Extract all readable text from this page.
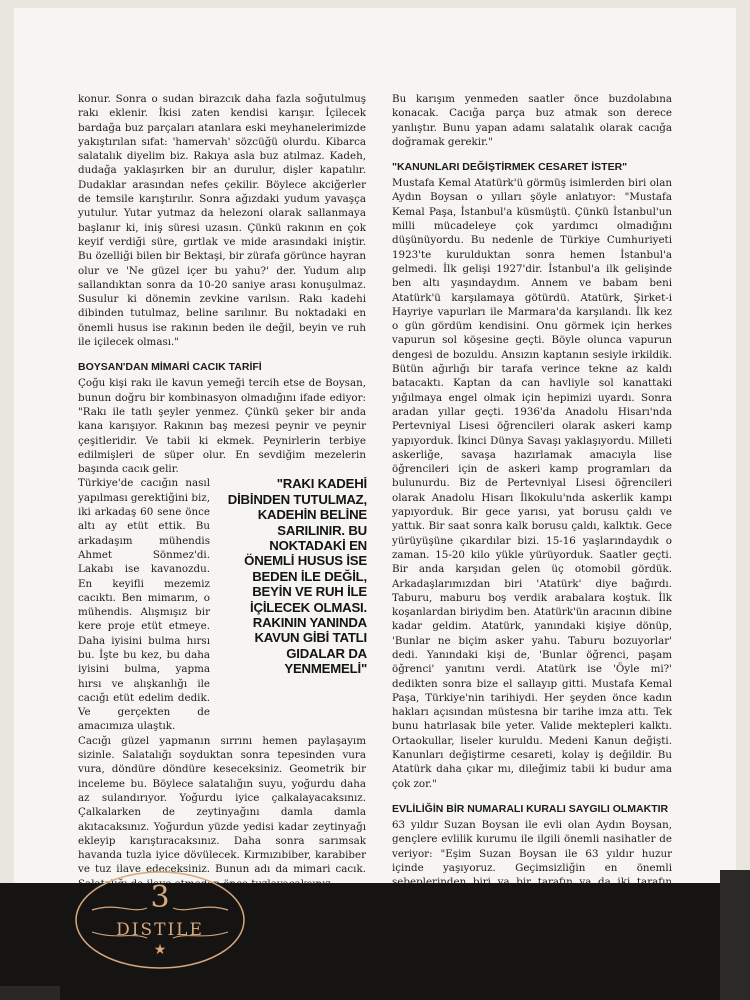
konur. Sonra o sudan birazcık daha fazla soğutulmuş rakı eklenir. İkisi zaten kendisi karışır. İçilecek bardağa buz parçaları atanlara eski meyhanelerimizde yakıştırılan sıfat: 'hamervah' sözcüğü olurdu. Kibarca salatalık diyelim biz. Rakıya asla buz atılmaz. Kadeh, dudağa yaklaşırken bir an durulur, dişler kapatılır. Dudaklar arasından nefes çekilir. Böylece akciğerler de temsile karıştırılır. Sonra ağızdaki yudum yavaşça yutulur. Yutar yutmaz da helezoni olarak sallanmaya başlanır ki, iniş süresi uzasın. Çünkü rakının en çok keyif verdiği süre, gırtlak ve mide arasındaki iniştir. Bu özelliği bilen bir Bektaşi, bir zürafa görünce hayran olur ve 'Ne güzel içer bu yahu?' der. Yudum alıp sallandıktan sonra da 10-20 saniye arası konuşulmaz. Susulur ki dönemin zevkine varılsın. Rakı kadehi dibinden tutulmaz, beline sarılınır. Bu noktadaki en önemli husus ise rakının beden ile değil, beyin ve ruh ile içilecek olması."

BOYSAN'DAN MİMARİ CACIK TARİFİ

Çoğu kişi rakı ile kavun yemeği tercih etse de Boysan, bunun doğru bir kombinasyon olmadığını ifade ediyor: "Rakı ile tatlı şeyler yenmez. Çünkü şeker bir anda kana karışıyor. Rakının baş mezesi peynir ve peynir çeşitleridir. Ve tabii ki ekmek. Peynirlerin terbiye edilmişleri de süper olur. En sevdiğim mezelerin başında cacık gelir.

Türkiye'de cacığın nasıl yapılması gerektiğini biz, iki arkadaş 60 sene önce altı ay etüt ettik. Bu arkadaşım mühendis Ahmet Sönmez'di. Lakabı ise kavanozdu. En keyifli mezemiz cacıktı. Ben mimarım, o mühendis. Alışmışız bir kere proje etüt etmeye. Daha iyisini bulma hırsı bu. İşte bu kez, bu daha iyisini bulma, yapma hırsı ve alışkanlığı ile cacığı etüt edelim dedik. Ve gerçekten de amacımıza ulaştık.

"RAKI KADEHİ DİBİNDEN TUTULMAZ, KADEHİN BELİNE SARILINIR. BU NOKTADAKİ EN ÖNEMLİ HUSUS İSE BEDEN İLE DEĞİL, BEYİN VE RUH İLE İÇİLECEK OLMASI. RAKININ YANINDA KAVUN GİBİ TATLI GIDALAR DA YENMEMELİ"

Cacığı güzel yapmanın sırrını hemen paylaşayım sizinle. Salatalığı soyduktan sonra tepesinden vura vura, döndüre döndüre keseceksiniz. Geometrik bir inceleme bu. Böylece salatalığın suyu, yoğurdu daha az sulandırıyor. Yoğurdu iyice çalkalayacaksınız. Çalkalarken de zeytinyağını damla damla akıtacaksınız. Yoğurdun yüzde yedisi kadar zeytinyağı ekleyip karıştıracaksınız. Daha sonra sarımsak havanda tuzla iyice dövülecek. Kırmızıbiber, karabiber ve tuz ilave edeceksiniz. Bunun adı da mimari cacık.

Bu karışım yenmeden saatler önce buzdolabına konacak. Cacığa parça buz atmak son derece yanlıştır. Bunu yapan adamı salatalık olarak cacığa doğramak gerekir."

"KANUNLARI DEĞİŞTİRMEK CESARET İSTER"

Mustafa Kemal Atatürk'ü görmüş isimlerden biri olan Aydın Boysan o yılları şöyle anlatıyor: "Mustafa Kemal Paşa, İstanbul'a küsmüştü. Çünkü İstanbul'un milli mücadeleye çok yardımcı olmadığını düşünüyordu. Bu nedenle de Türkiye Cumhuriyeti 1923'te kurulduktan sonra hemen İstanbul'a gelmedi. İlk gelişi 1927'dir. İstanbul'a ilk gelişinde ben altı yaşındaydım. Annem ve babam beni Atatürk'ü karşılamaya götürdü. Atatürk, Şirket-i Hayriye vapurları ile Marmara'da karşılandı. İlk kez o gün gördüm kendisini. Onu görmek için herkes vapurun sol köşesine geçti. Böyle olunca vapurun dengesi de bozuldu. Ansızın kaptanın sesiyle irkildik. Bütün ağırlığı bir tarafa verince tekne az kaldı batacaktı. Kaptan da can havliyle sol kanattaki yığılmaya engel olmak için hepimizi uyardı. Sonra aradan yıllar geçti. 1936'da Anadolu Hisarı'nda Pertevniyal Lisesi öğrencileri olarak askeri kamp yapıyorduk. İkinci Dünya Savaşı yaklaşıyordu. Milleti askerliğe, savaşa hazırlamak amacıyla lise öğrencileri için de askeri kamp programları da bulunurdu. Biz de Pertevniyal Lisesi öğrencileri olarak Anadolu Hisarı İlkokulu'nda askerlik kampı yapıyorduk. Bir gece yarısı, yat borusu çaldı ve yattık. Bir saat sonra kalk borusu çaldı, kalktık. Gece yürüyüşüne çıkardılar bizi. 15-16 yaşlarındaydık o zaman. 15-20 kilo yükle yürüyorduk. Saatler geçti. Bir anda karşıdan gelen üç otomobil gördük. Arkadaşlarımızdan biri 'Atatürk' diye bağırdı. Taburu, maburu boş verdik arabalara koştuk. İlk koşanlardan biriydim ben. Atatürk'ün aracının dibine kadar geldim. Atatürk, yanındaki kişiye dönüp, 'Bunlar ne biçim asker yahu. Taburu bozuyorlar' dedi. Yanındaki kişi de, 'Bunlar öğrenci, paşam öğrenci' yanıtını verdi. Atatürk ise 'Öyle mi?' dedikten sonra bize el sallayıp gitti. Mustafa Kemal Paşa, Türkiye'nin tarihiydi. Her şeyden önce kadın hakları açısından müstesna bir tarihe imza attı. Tek bunu hatırlasak bile yeter. Valide mektepleri kalktı. Ortaokullar, liseler kuruldu. Medeni Kanun değişti. Kanunları değiştirme cesareti, kolay iş değildir. Bu Atatürk daha çıkar mı, dileğimiz tabii ki budur ama çok zor."

EVLİLİĞİN BİR NUMARALI KURALI SAYGILI OLMAKTIR

63 yıldır Suzan Boysan ile evli olan Aydın Boysan, gençlere evlilik kurumu ile ilgili önemli nasihatler de veriyor: "Eşim Suzan Boysan ile 63 yıldır huzur içinde yaşıyoruz. Geçimsizliğin en önemli

3
DISTILE
★
